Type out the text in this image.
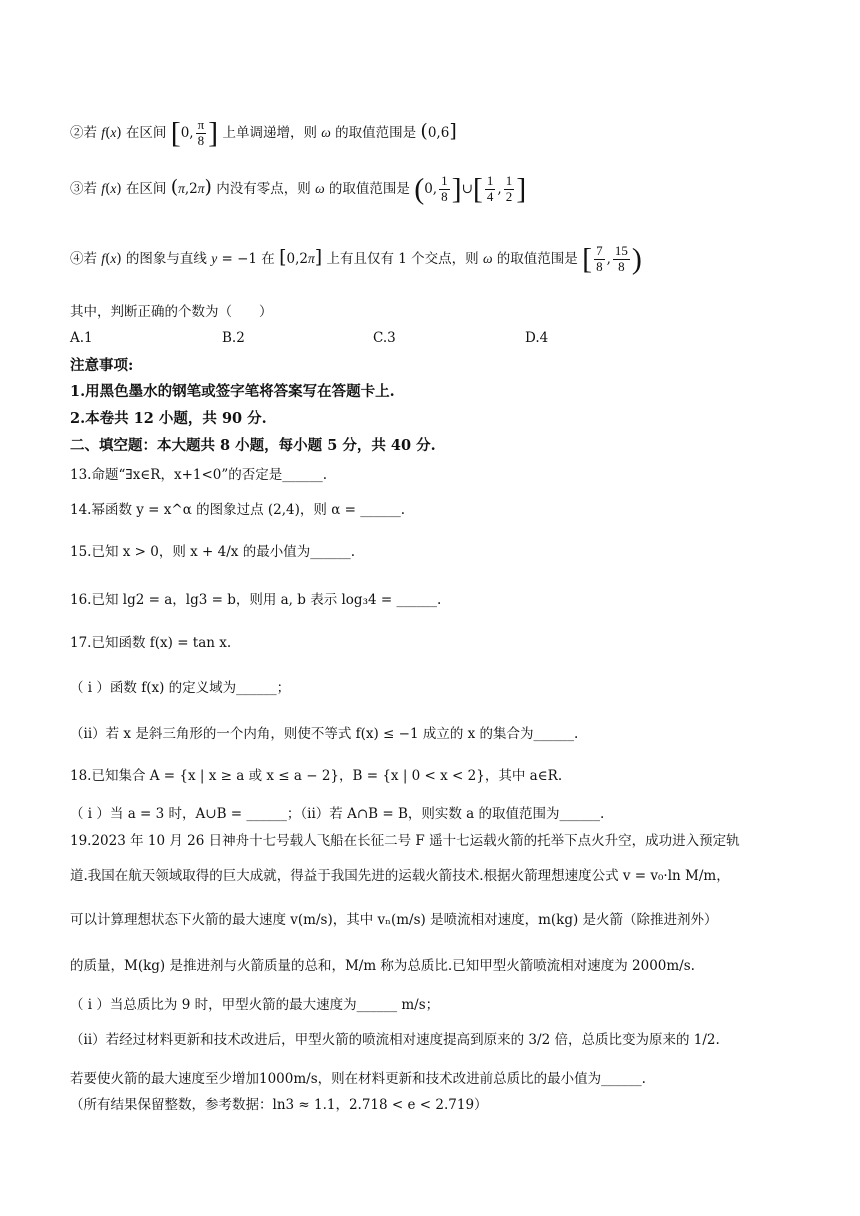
②若 f(x) 在区间 [0, $\frac{\pi}{8}$ ] 上单调递增，则 ω 的取值范围是 (0,6]
③若 f(x) 在区间 (π,2π) 内没有零点，则 ω 的取值范围是 (0, $\frac{1}{8}$ ]∪[ $\frac{1}{4}$ , $\frac{1}{2}$ ]
④若 f(x) 的图象与直线 y = −1 在 [0,2π] 上有且仅有 1 个交点，则 ω 的取值范围是 [ $\frac{7}{8}$ , $\frac{15}{8}$ )
其中，判断正确的个数为（　　）
A.1	B.2	C.3	D.4
注意事项:
1.用黑色墨水的钢笔或签字笔将答案写在答题卡上.
2.本卷共 12 小题，共 90 分.
二、填空题：本大题共 8 小题，每小题 5 分，共 40 分.
13.命题“∃x∈R，x+1<0”的否定是______.
14.幂函数 y = x^α 的图象过点 (2,4)，则 α = ______.
15.已知 x > 0，则 x + 4/x 的最小值为______.
16.已知 lg2 = a，lg3 = b，则用 a, b 表示 log₃4 = ______.
17.已知函数 f(x) = tan x.
（ i ）函数 f(x) 的定义域为______；
（ii）若 x 是斜三角形的一个内角，则使不等式 f(x) ≤ −1 成立的 x 的集合为______.
18.已知集合 A = {x | x ≥ a 或 x ≤ a − 2}，B = {x | 0 < x < 2}，其中 a∈R.
（ i ）当 a = 3 时，A∪B = ______；（ii）若 A∩B = B，则实数 a 的取值范围为______.
19.2023 年 10 月 26 日神舟十七号载人飞船在长征二号 F 遥十七运载火箭的托举下点火升空，成功进入预定轨
道.我国在航天领域取得的巨大成就，得益于我国先进的运载火箭技术.根据火箭理想速度公式 v = v₀·ln M/m，
可以计算理想状态下火箭的最大速度 v(m/s)，其中 vₙ(m/s) 是喷流相对速度，m(kg) 是火箭（除推进剂外）
的质量，M(kg) 是推进剂与火箭质量的总和，M/m 称为总质比.已知甲型火箭喷流相对速度为 2000m/s.
（ i ）当总质比为 9 时，甲型火箭的最大速度为______ m/s；
（ii）若经过材料更新和技术改进后，甲型火箭的喷流相对速度提高到原来的 3/2 倍，总质比变为原来的 1/2.
若要使火箭的最大速度至少增加1000m/s，则在材料更新和技术改进前总质比的最小值为______.
（所有结果保留整数，参考数据：ln3 ≈ 1.1，2.718 < e < 2.719）
